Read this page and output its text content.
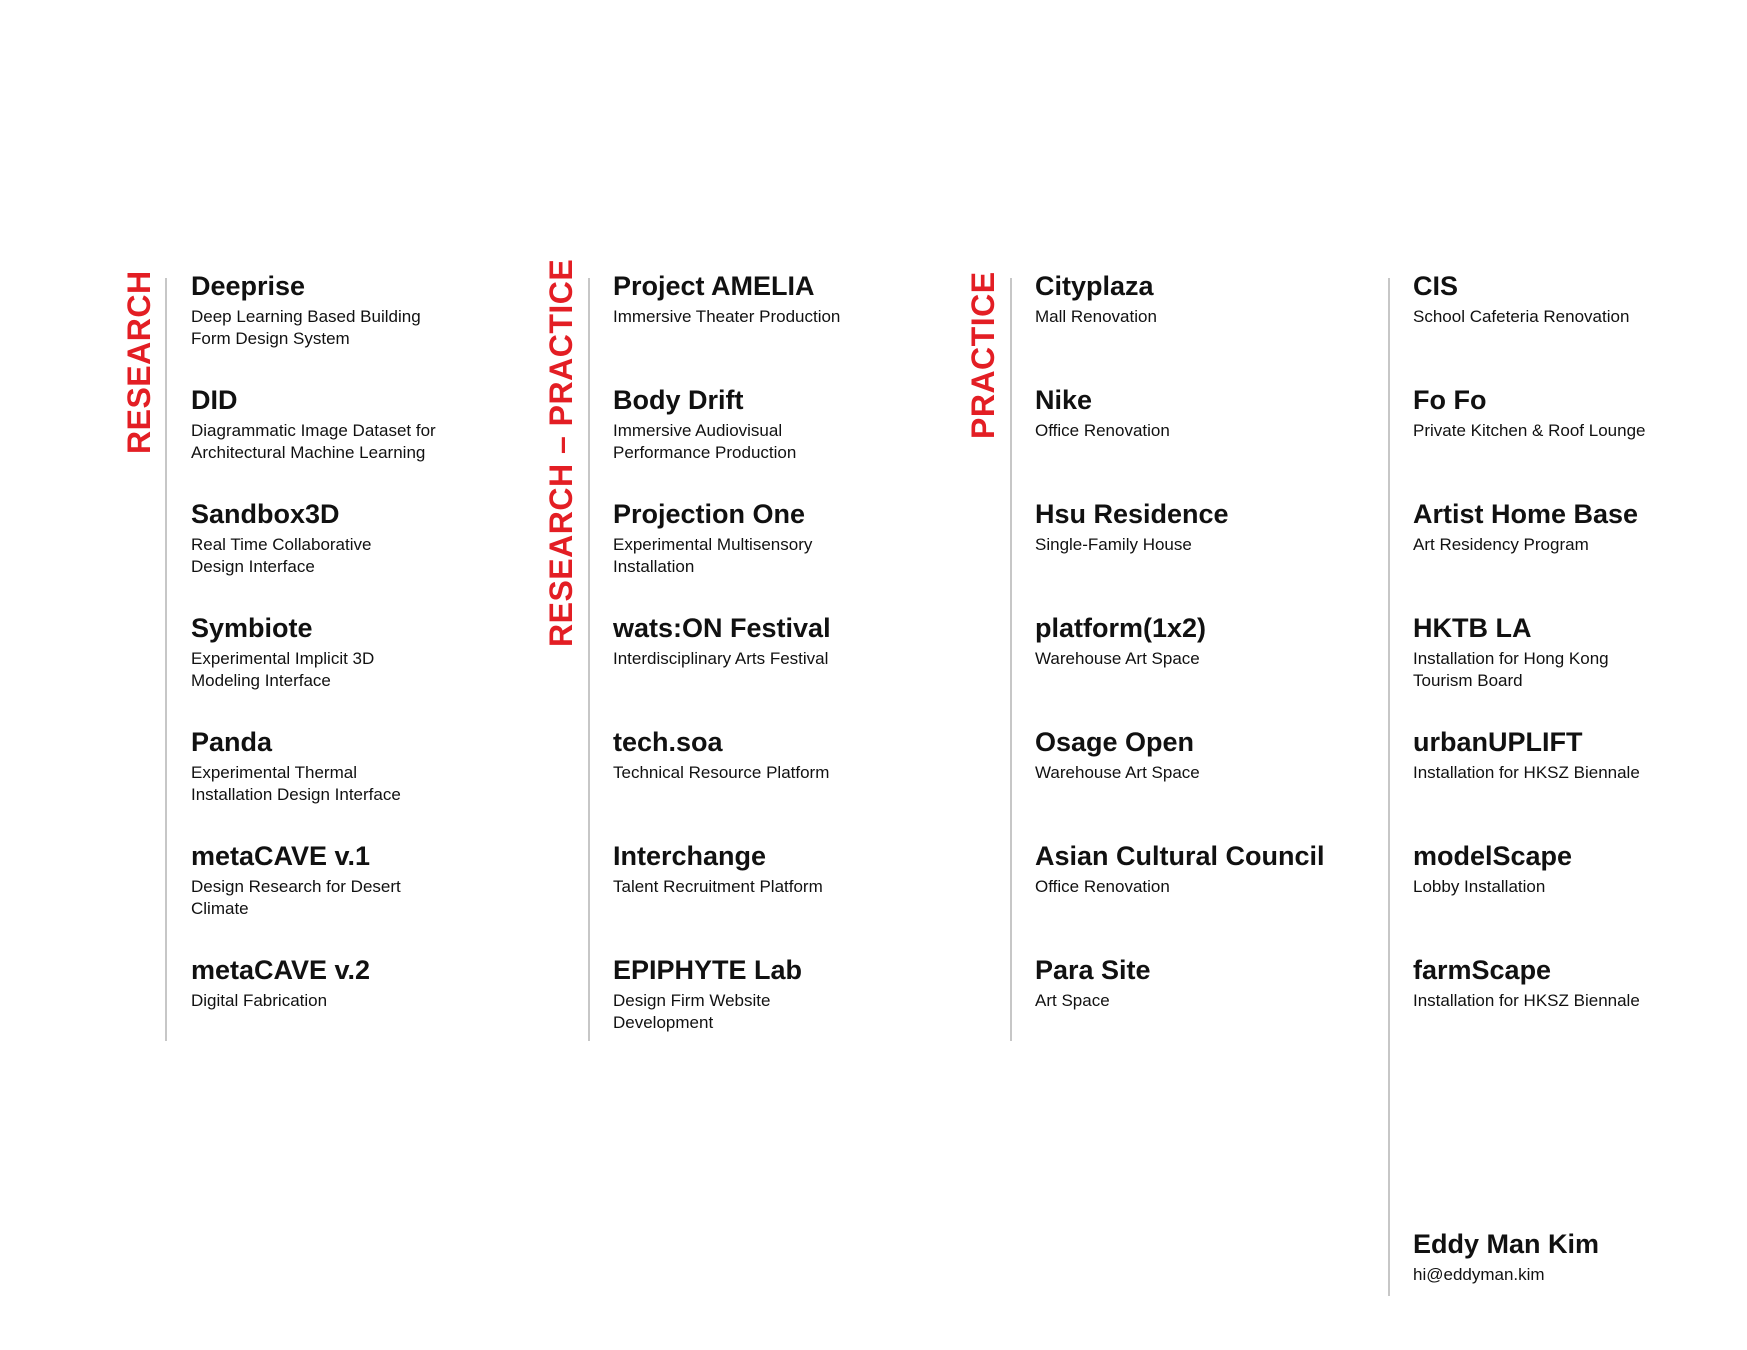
RESEARCH	RESEARCH – PRACTICE	PRACTICE
Deeprise
Deep Learning Based Building
Form Design System
DID
Diagrammatic Image Dataset for
Architectural Machine Learning
Sandbox3D
Real Time Collaborative
Design Interface
Symbiote
Experimental Implicit 3D
Modeling Interface
Panda
Experimental Thermal
Installation Design Interface
metaCAVE v.1
Design Research for Desert
Climate
metaCAVE v.2
Digital Fabrication
Project AMELIA
Immersive Theater Production
Body Drift
Immersive Audiovisual
Performance Production
Projection One
Experimental Multisensory
Installation
wats:ON Festival
Interdisciplinary Arts Festival
tech.soa
Technical Resource Platform
Interchange
Talent Recruitment Platform
EPIPHYTE Lab
Design Firm Website
Development
Cityplaza
Mall Renovation
Nike
Office Renovation
Hsu Residence
Single-Family House
platform(1x2)
Warehouse Art Space
Osage Open
Warehouse Art Space
Asian Cultural Council
Office Renovation
Para Site
Art Space
CIS
School Cafeteria Renovation
Fo Fo
Private Kitchen & Roof Lounge
Artist Home Base
Art Residency Program
HKTB LA
Installation for Hong Kong
Tourism Board
urbanUPLIFT
Installation for HKSZ Biennale
modelScape
Lobby Installation
farmScape
Installation for HKSZ Biennale
Eddy Man Kim
hi@eddyman.kim
